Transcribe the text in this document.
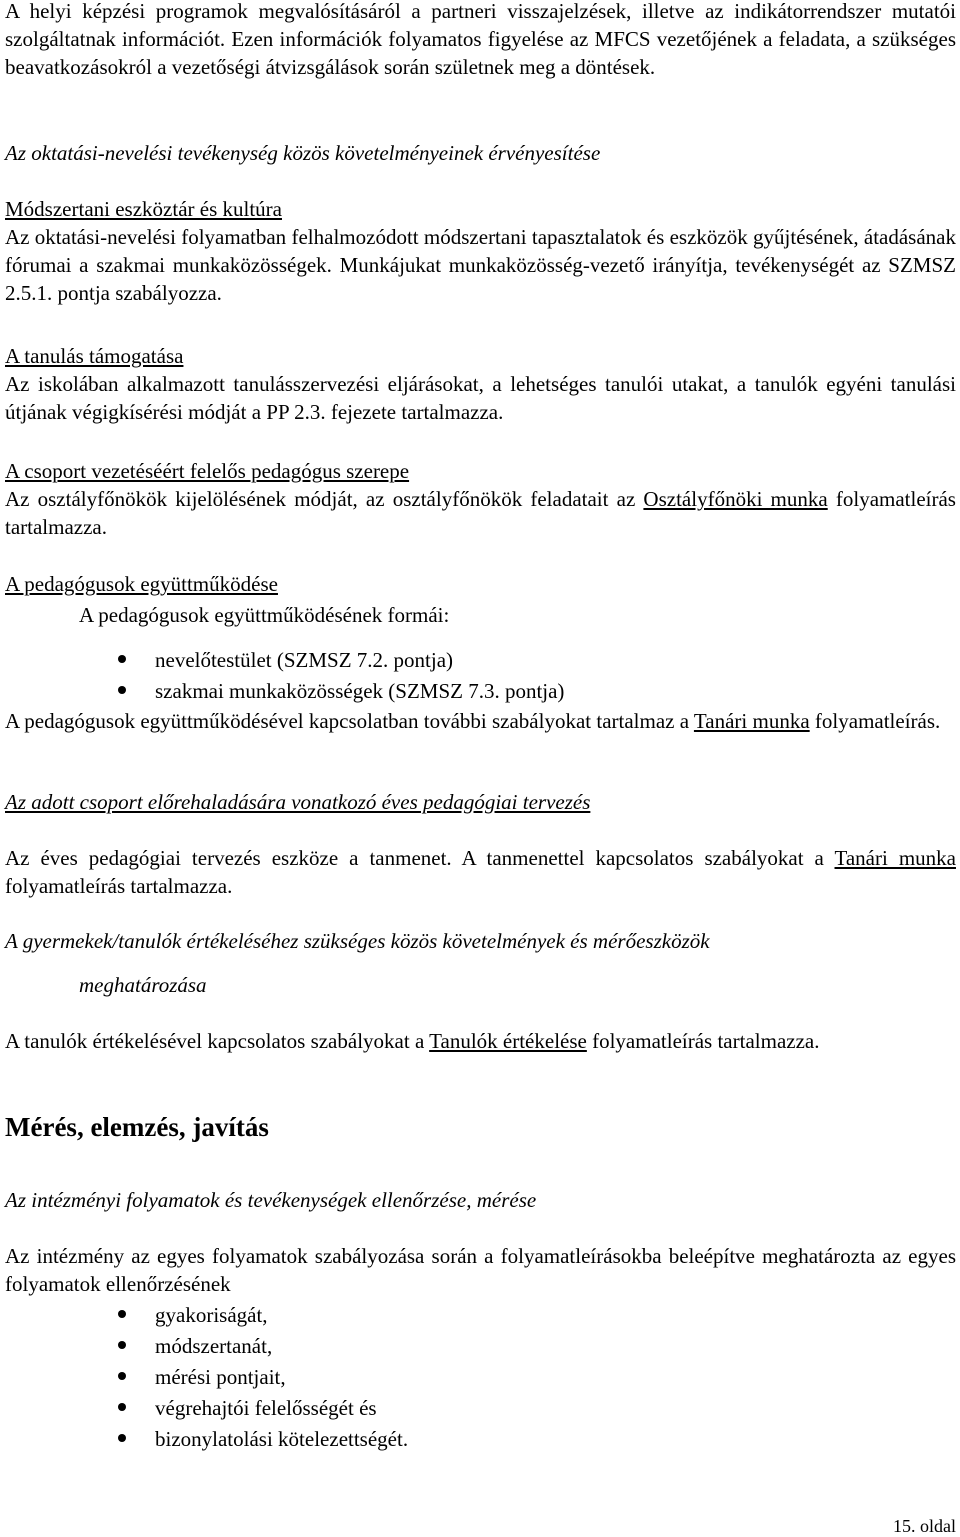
A helyi képzési programok megvalósításáról a partneri visszajelzések, illetve az indikátorrendszer mutatói szolgáltatnak információt. Ezen információk folyamatos figyelése az MFCS vezetőjének a feladata, a szükséges beavatkozásokról a vezetőségi átvizsgálások során születnek meg a döntések.

Az oktatási-nevelési tevékenység közös követelményeinek érvényesítése

Módszertani eszköztár és kultúra

Az oktatási-nevelési folyamatban felhalmozódott módszertani tapasztalatok és eszközök gyűjtésének, átadásának fórumai a szakmai munkaközösségek. Munkájukat munkaközösség-vezető irányítja, tevékenységét az SZMSZ 2.5.1. pontja szabályozza.

A tanulás támogatása

Az iskolában alkalmazott tanulásszervezési eljárásokat, a lehetséges tanulói utakat, a tanulók egyéni tanulási útjának végigkísérési módját a PP 2.3. fejezete tartalmazza.

A csoport vezetéséért felelős pedagógus szerepe

Az osztályfőnökök kijelölésének módját, az osztályfőnökök feladatait az Osztályfőnöki munka folyamatleírás tartalmazza.

A pedagógusok együttműködése
A pedagógusok együttműködésének formái:
nevelőtestület (SZMSZ 7.2. pontja)
szakmai munkaközösségek (SZMSZ 7.3. pontja)

A pedagógusok együttműködésével kapcsolatban további szabályokat tartalmaz a Tanári munka folyamatleírás.

Az adott csoport előrehaladására vonatkozó éves pedagógiai tervezés

Az éves pedagógiai tervezés eszköze a tanmenet. A tanmenettel kapcsolatos szabályokat a Tanári munka folyamatleírás tartalmazza.

A gyermekek/tanulók értékeléséhez szükséges közös követelmények és mérőeszközök

meghatározása

A tanulók értékelésével kapcsolatos szabályokat a Tanulók értékelése folyamatleírás tartalmazza.

Mérés, elemzés, javítás

Az intézményi folyamatok és tevékenységek ellenőrzése, mérése

Az intézmény az egyes folyamatok szabályozása során a folyamatleírásokba beleépítve meghatározta az egyes folyamatok ellenőrzésének

gyakoriságát,
módszertanát,
mérési pontjait,
végrehajtói felelősségét és
bizonylatolási kötelezettségét.
15. oldal
